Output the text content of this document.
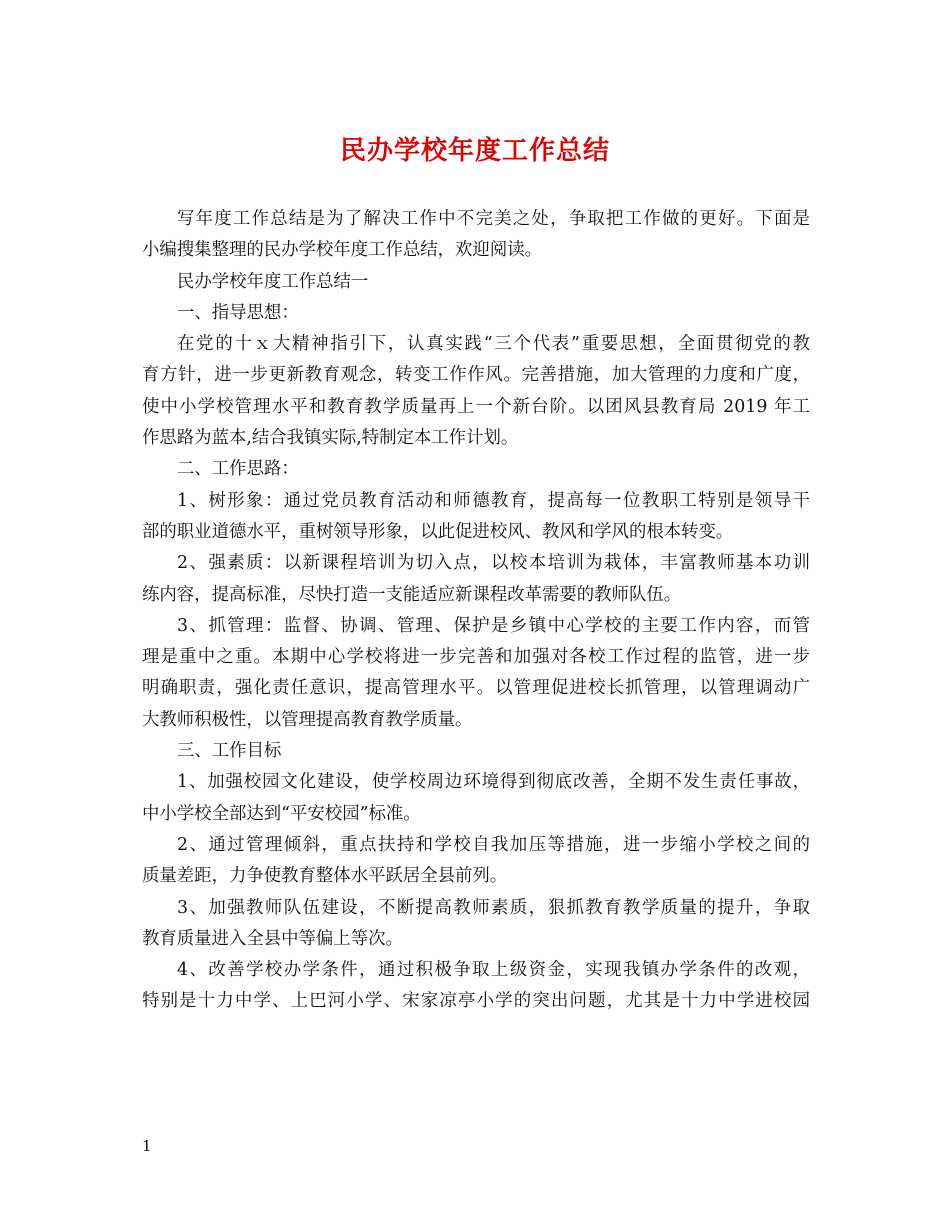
民办学校年度工作总结
写年度工作总结是为了解决工作中不完美之处，争取把工作做的更好。下面是
小编搜集整理的民办学校年度工作总结，欢迎阅读。
民办学校年度工作总结一
一、指导思想：
在党的十ｘ大精神指引下，认真实践“三个代表”重要思想，全面贯彻党的教
育方针，进一步更新教育观念，转变工作作风。完善措施，加大管理的力度和广度，
使中小学校管理水平和教育教学质量再上一个新台阶。以团风县教育局 2019 年工
作思路为蓝本,结合我镇实际,特制定本工作计划。
二、工作思路：
1、树形象：通过党员教育活动和师德教育，提高每一位教职工特别是领导干
部的职业道德水平，重树领导形象，以此促进校风、教风和学风的根本转变。
2、强素质：以新课程培训为切入点，以校本培训为栽体，丰富教师基本功训
练内容，提高标准，尽快打造一支能适应新课程改革需要的教师队伍。
3、抓管理：监督、协调、管理、保护是乡镇中心学校的主要工作内容，而管
理是重中之重。本期中心学校将进一步完善和加强对各校工作过程的监管，进一步
明确职责，强化责任意识，提高管理水平。以管理促进校长抓管理，以管理调动广
大教师积极性，以管理提高教育教学质量。
三、工作目标
1、加强校园文化建设，使学校周边环境得到彻底改善，全期不发生责任事故，
中小学校全部达到“平安校园”标准。
2、通过管理倾斜，重点扶持和学校自我加压等措施，进一步缩小学校之间的
质量差距，力争使教育整体水平跃居全县前列。
3、加强教师队伍建设，不断提高教师素质，狠抓教育教学质量的提升，争取
教育质量进入全县中等偏上等次。
4、改善学校办学条件，通过积极争取上级资金，实现我镇办学条件的改观，
特别是十力中学、上巴河小学、宋家凉亭小学的突出问题，尤其是十力中学进校园
1
